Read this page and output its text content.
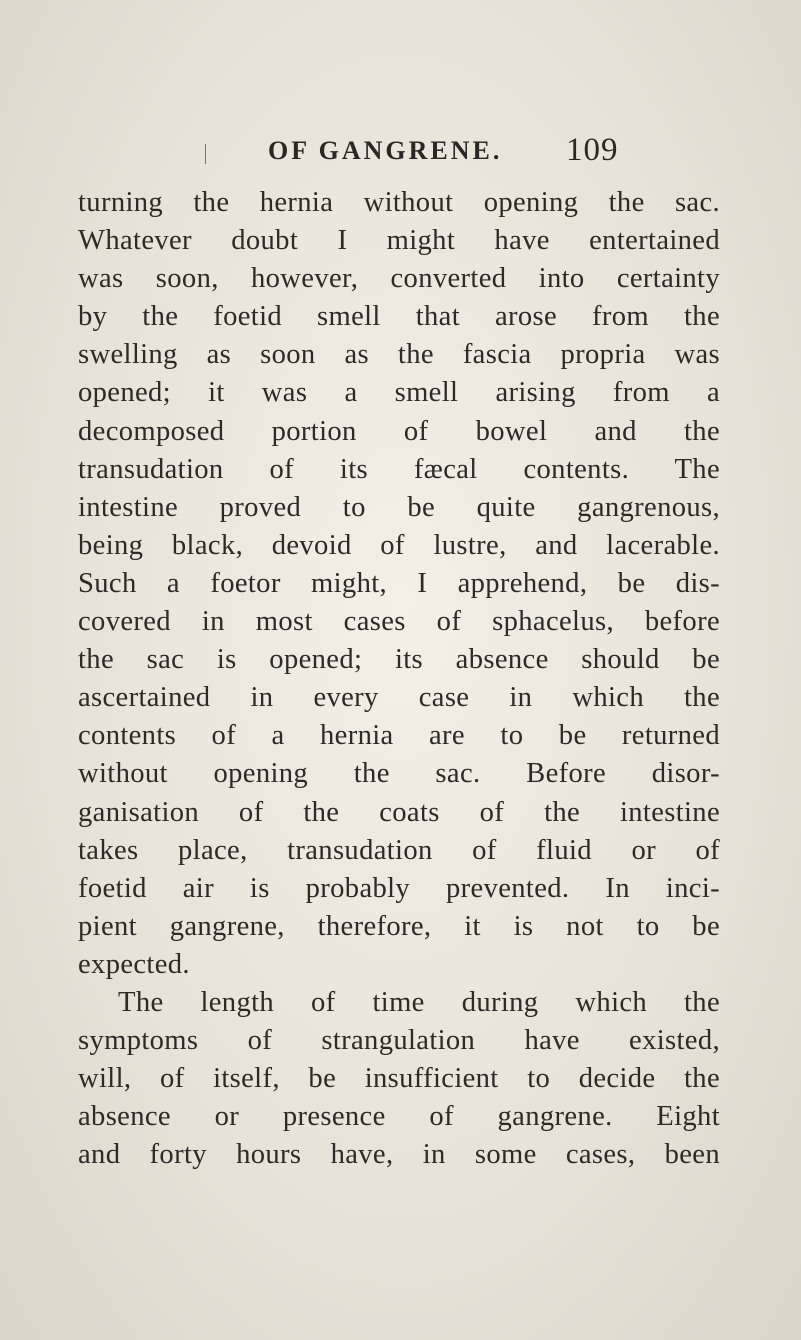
OF GANGRENE. 109
turning the hernia without opening the sac.
Whatever doubt I might have entertained
was soon, however, converted into certainty
by the foetid smell that arose from the
swelling as soon as the fascia propria was
opened; it was a smell arising from a
decomposed portion of bowel and the
transudation of its fæcal contents. The
intestine proved to be quite gangrenous,
being black, devoid of lustre, and lacerable.
Such a foetor might, I apprehend, be dis-
covered in most cases of sphacelus, before
the sac is opened; its absence should be
ascertained in every case in which the
contents of a hernia are to be returned
without opening the sac. Before disor-
ganisation of the coats of the intestine
takes place, transudation of fluid or of
foetid air is probably prevented. In inci-
pient gangrene, therefore, it is not to be
expected.
The length of time during which the
symptoms of strangulation have existed,
will, of itself, be insufficient to decide the
absence or presence of gangrene. Eight
and forty hours have, in some cases, been
